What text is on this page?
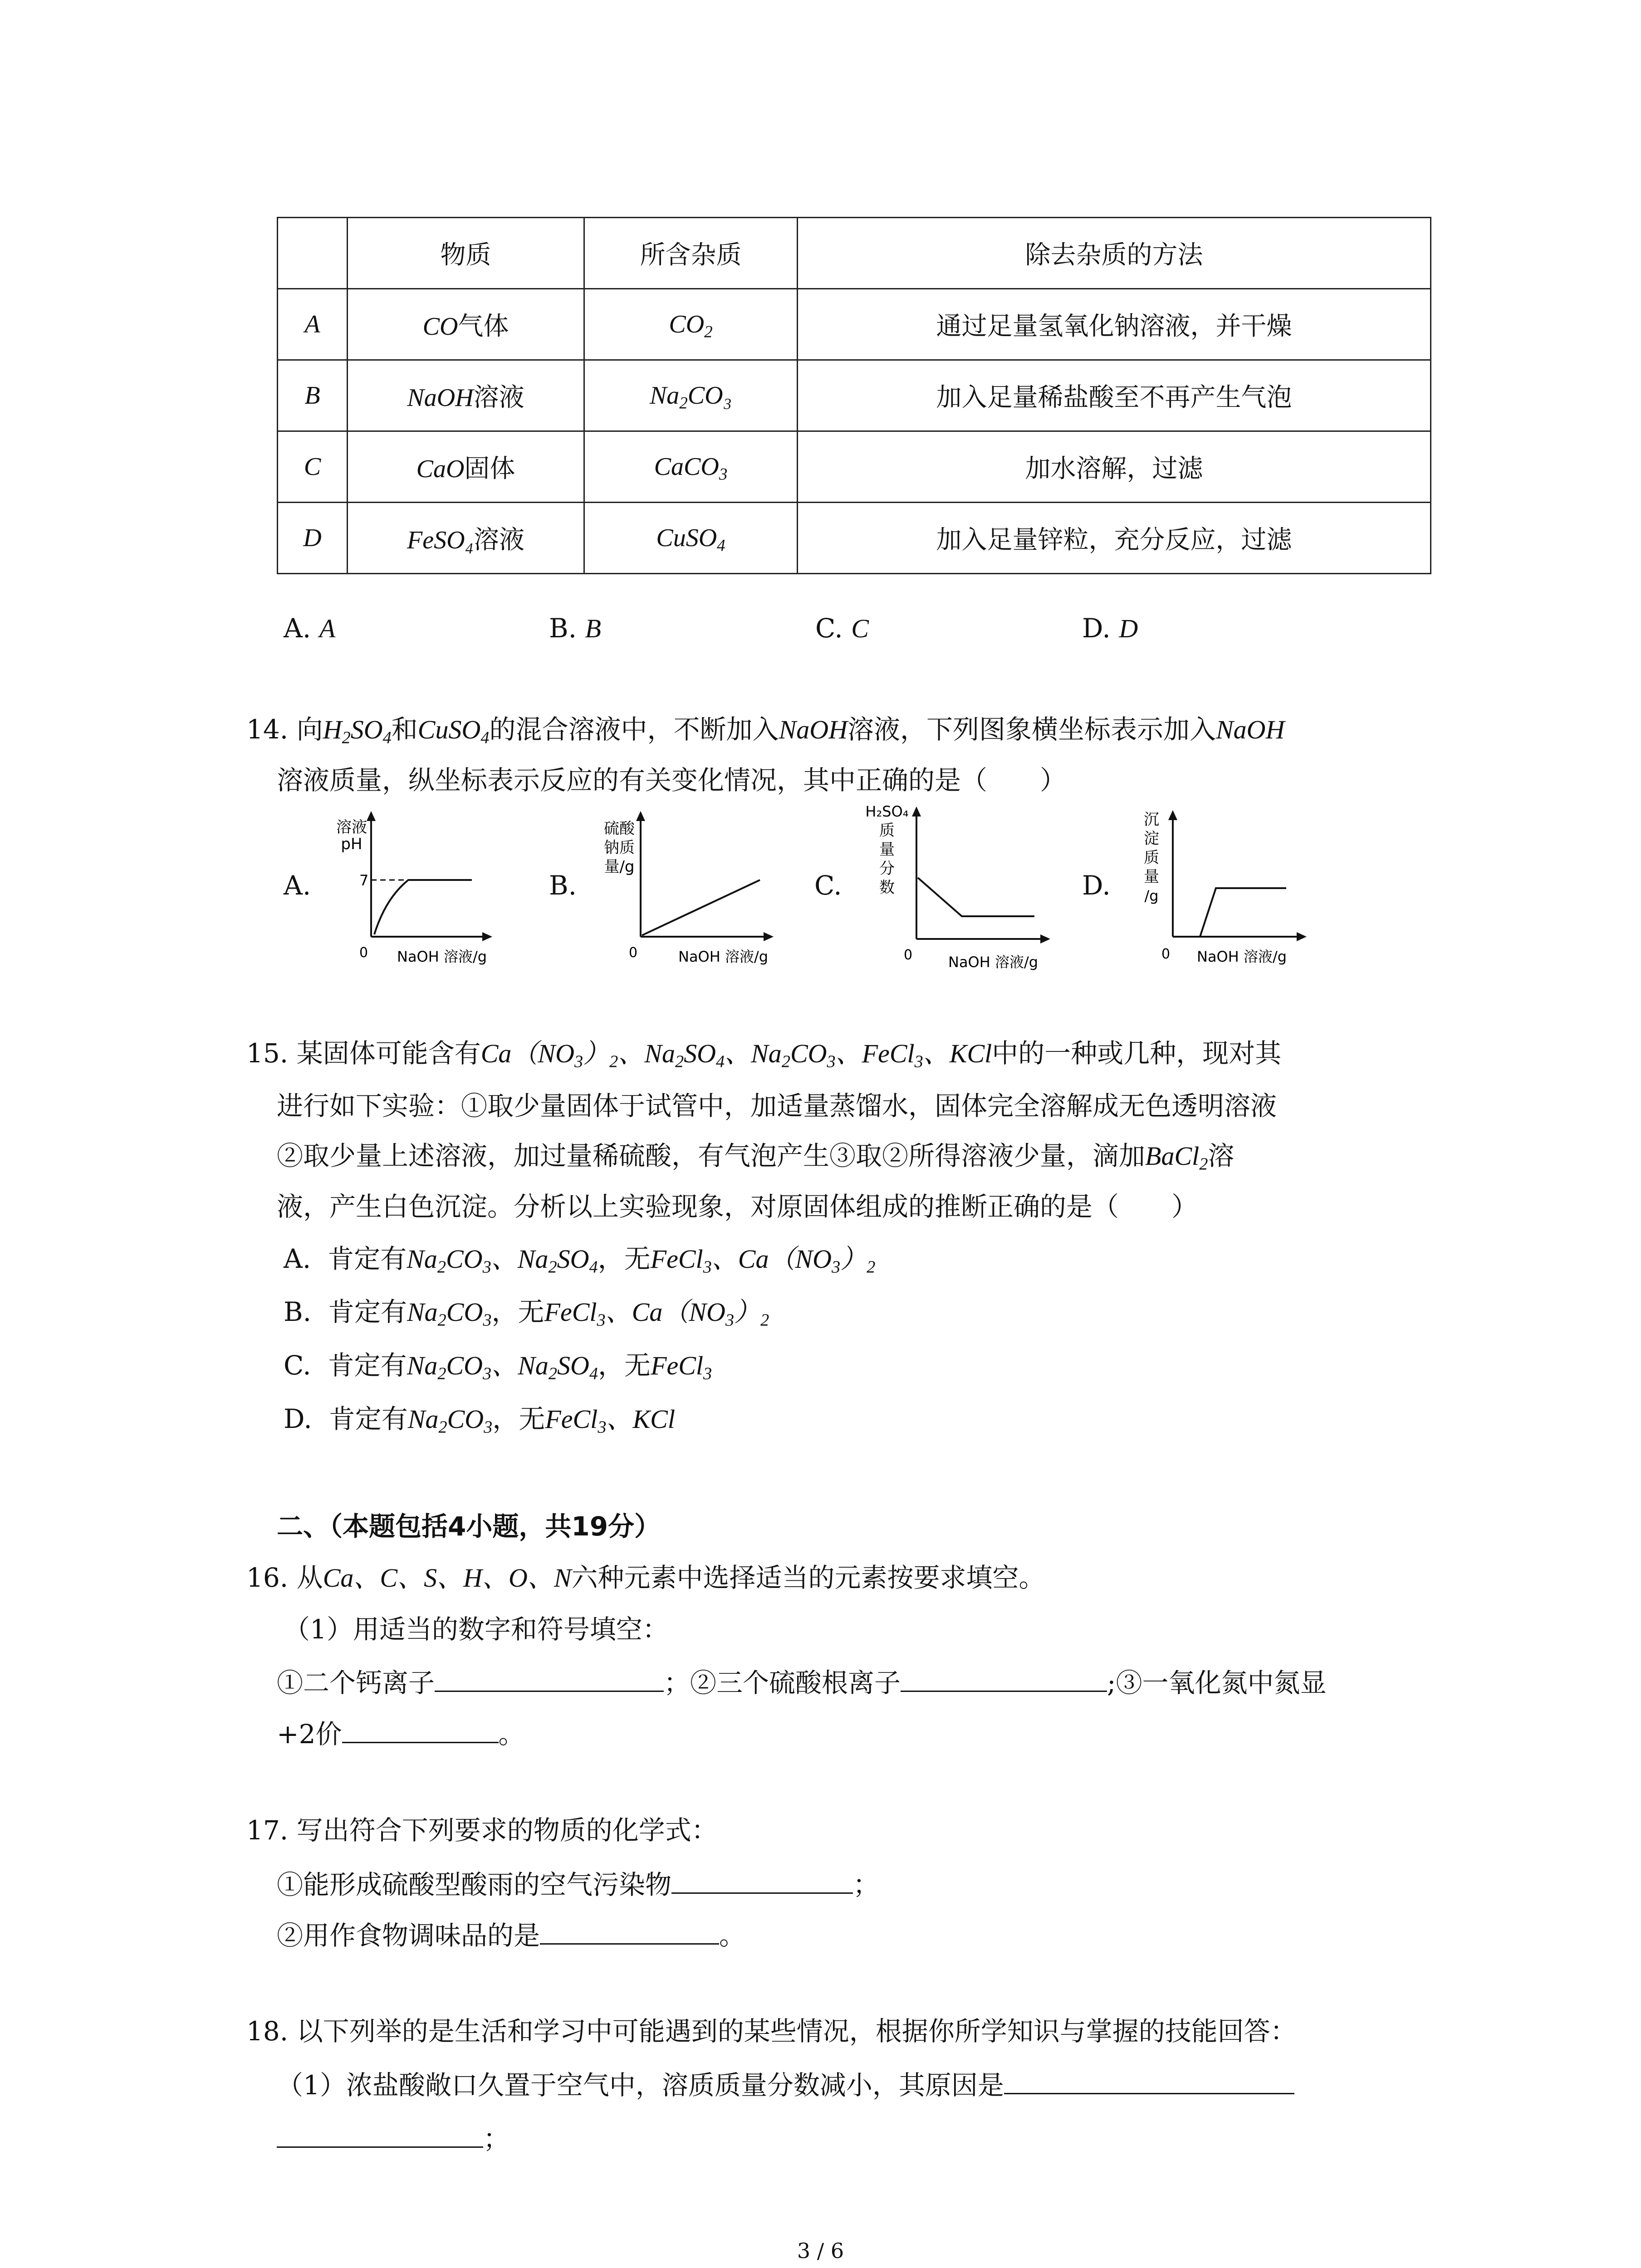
	物质	所含杂质	除去杂质的方法
A	CO气体	$CO_2$	通过足量氢氧化钠溶液，并干燥
B	NaOH溶液	$Na_2CO_3$	加入足量稀盐酸至不再产生气泡
C	CaO固体	CaCO$_3$	加水溶解，过滤
D	FeSO₄溶液	CuSO$_4$	加入足量锌粒，充分反应，过滤
A. A	B. B	C. C	D. D
14. 向$H_2SO_4$和CuSO$_4$的混合溶液中，不断加入NaOH溶液，下列图象横坐标表示加入NaOH
溶液质量，纵坐标表示反应的有关变化情况，其中正确的是（　　）
A.
溶液
pH
7
0 NaOH 溶液/g
B.
硫酸
钠质
量/g
0	NaOH 溶液/g
C.
H₂SO₄
质
量
分
数
0 NaOH 溶液/g
D.
沉
淀
质
量
/g
0 NaOH 溶液/g
15. 某固体可能含有$Ca(NO_3)_2$、$Na_2SO_4$、$Na_2CO_3$、FeCl$_3$、KCl中的一种或几种，现对其
进行如下实验：①取少量固体于试管中，加适量蒸馏水，固体完全溶解成无色透明溶液
②取少量上述溶液，加过量稀硫酸，有气泡产生③取②所得溶液少量，滴加BaCl$_2$溶
液，产生白色沉淀。分析以上实验现象，对原固体组成的推断正确的是（　　）
A. 肯定有$Na_2CO_3$、$Na_2SO_4$，无FeCl$_3$、$Ca(NO_3)_2$
B. 肯定有$Na_2CO_3$，无FeCl$_3$、$Ca(NO_3)_2$
C. 肯定有$Na_2CO_3$、$Na_2SO_4$，无FeCl$_3$
D. 肯定有$Na_2CO_3$，无FeCl$_3$、KCl
二、（本题包括4小题，共19分）
16. 从Ca、C、S、H、O、N六种元素中选择适当的元素按要求填空。
（1）用适当的数字和符号填空：
①二个钙离子	；②三个硫酸根离子	;③一氧化氮中氮显
+2价	。
17. 写出符合下列要求的物质的化学式：
①能形成硫酸型酸雨的空气污染物	；
②用作食物调味品的是	。
18. 以下列举的是生活和学习中可能遇到的某些情况，根据你所学知识与掌握的技能回答：
（1）浓盐酸敞口久置于空气中，溶质质量分数减小，其原因是
；
3 / 6
